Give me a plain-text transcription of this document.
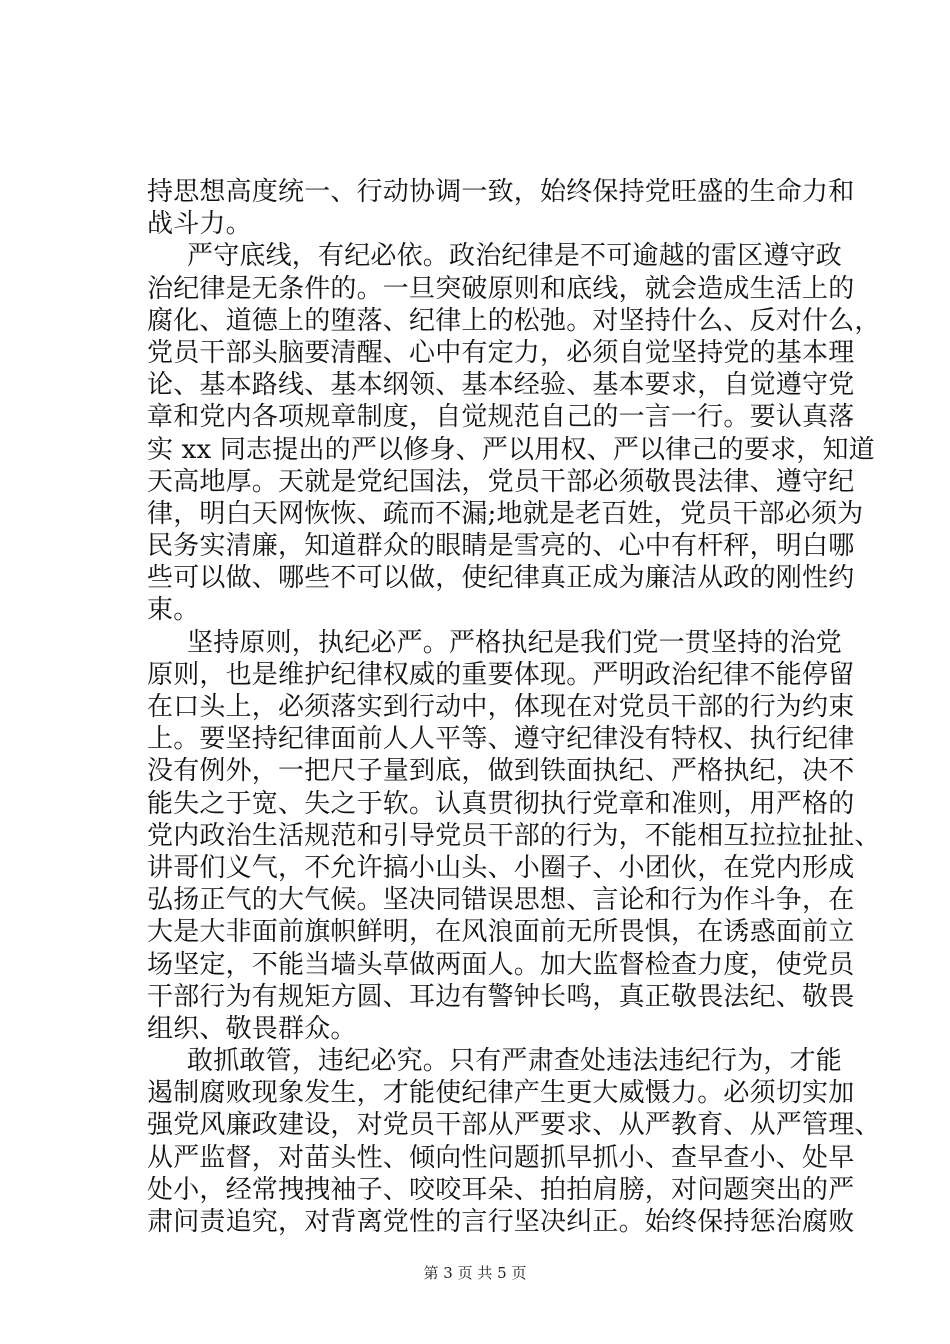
持思想高度统一、行动协调一致，始终保持党旺盛的生命力和
战斗力。
严守底线，有纪必依。政治纪律是不可逾越的雷区遵守政
治纪律是无条件的。一旦突破原则和底线，就会造成生活上的
腐化、道德上的堕落、纪律上的松弛。对坚持什么、反对什么，
党员干部头脑要清醒、心中有定力，必须自觉坚持党的基本理
论、基本路线、基本纲领、基本经验、基本要求，自觉遵守党
章和党内各项规章制度，自觉规范自己的一言一行。要认真落
实 xx 同志提出的严以修身、严以用权、严以律己的要求，知道
天高地厚。天就是党纪国法，党员干部必须敬畏法律、遵守纪
律，明白天网恢恢、疏而不漏;地就是老百姓，党员干部必须为
民务实清廉，知道群众的眼睛是雪亮的、心中有杆秤，明白哪
些可以做、哪些不可以做，使纪律真正成为廉洁从政的刚性约
束。
坚持原则，执纪必严。严格执纪是我们党一贯坚持的治党
原则，也是维护纪律权威的重要体现。严明政治纪律不能停留
在口头上，必须落实到行动中，体现在对党员干部的行为约束
上。要坚持纪律面前人人平等、遵守纪律没有特权、执行纪律
没有例外，一把尺子量到底，做到铁面执纪、严格执纪，决不
能失之于宽、失之于软。认真贯彻执行党章和准则，用严格的
党内政治生活规范和引导党员干部的行为，不能相互拉拉扯扯、
讲哥们义气，不允许搞小山头、小圈子、小团伙，在党内形成
弘扬正气的大气候。坚决同错误思想、言论和行为作斗争，在
大是大非面前旗帜鲜明，在风浪面前无所畏惧，在诱惑面前立
场坚定，不能当墙头草做两面人。加大监督检查力度，使党员
干部行为有规矩方圆、耳边有警钟长鸣，真正敬畏法纪、敬畏
组织、敬畏群众。
敢抓敢管，违纪必究。只有严肃查处违法违纪行为，才能
遏制腐败现象发生，才能使纪律产生更大威慑力。必须切实加
强党风廉政建设，对党员干部从严要求、从严教育、从严管理、
从严监督，对苗头性、倾向性问题抓早抓小、查早查小、处早
处小，经常拽拽袖子、咬咬耳朵、拍拍肩膀，对问题突出的严
肃问责追究，对背离党性的言行坚决纠正。始终保持惩治腐败
第 3 页 共 5 页
